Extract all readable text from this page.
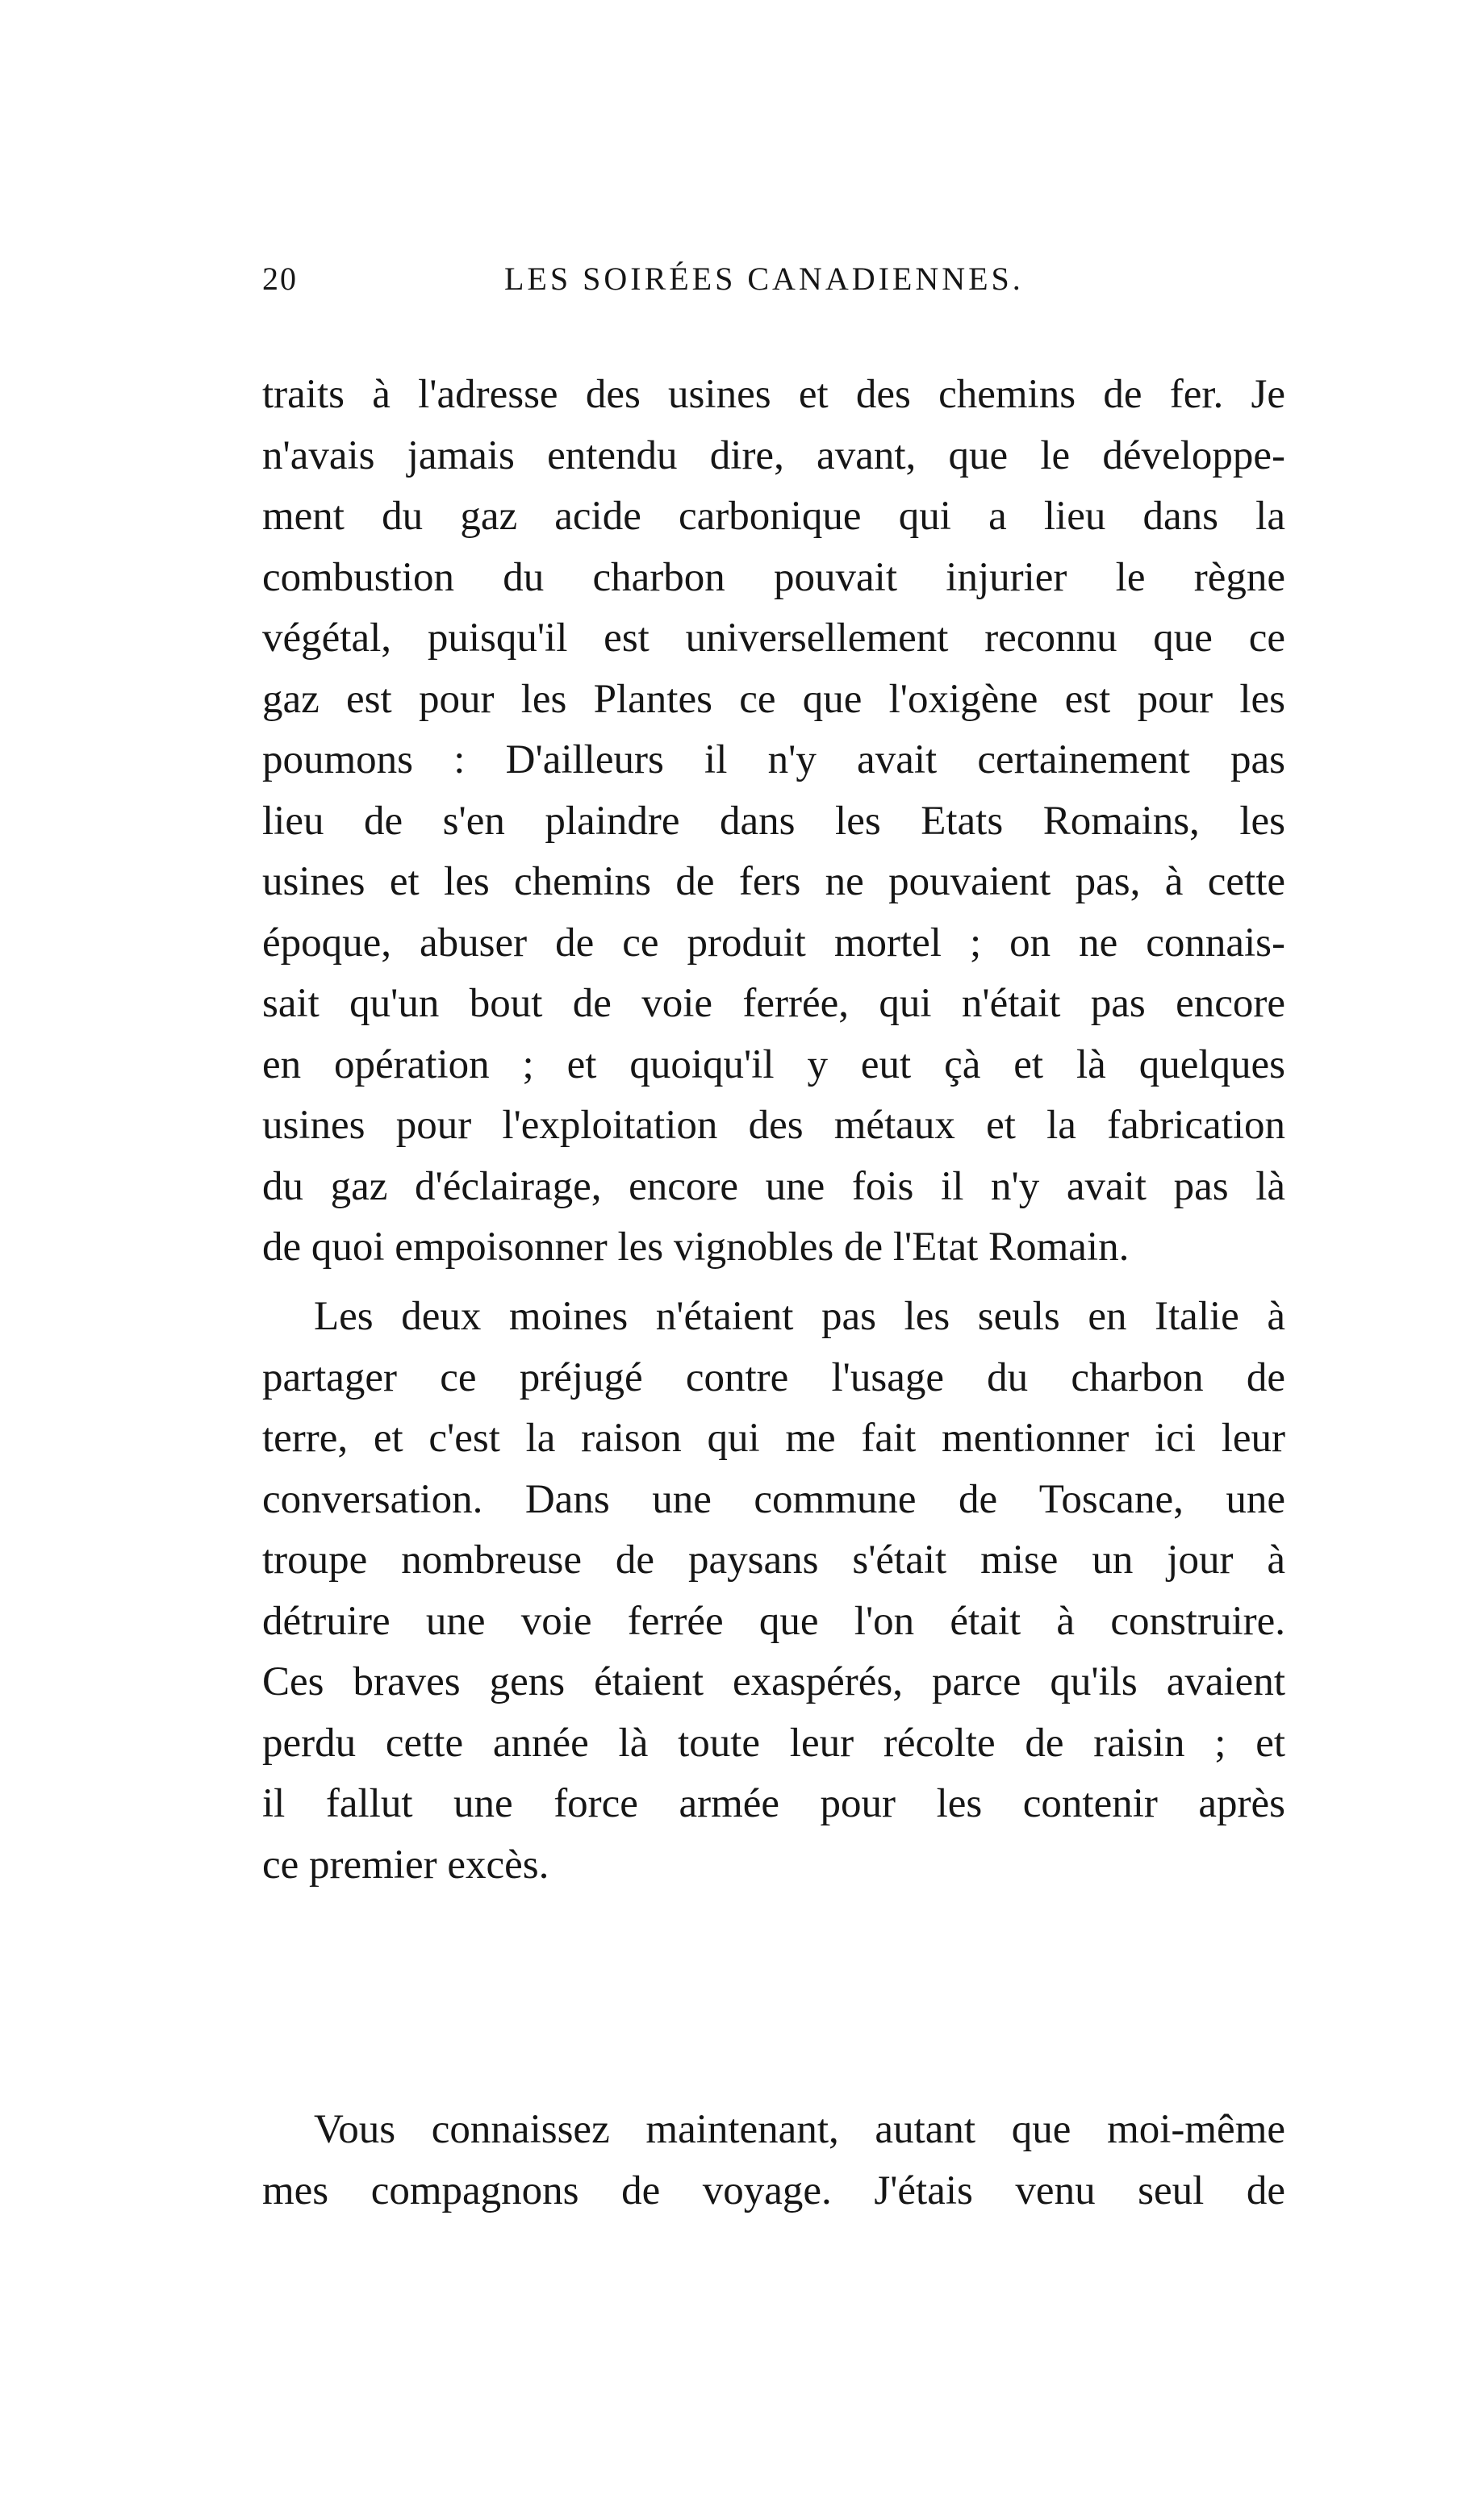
20	LES SOIRÉES CANADIENNES.
traits à l'adresse des usines et des chemins de fer. Je
n'avais jamais entendu dire, avant, que le développe-
ment du gaz acide carbonique qui a lieu dans la
combustion du charbon pouvait injurier le règne
végétal, puisqu'il est universellement reconnu que ce
gaz est pour les Plantes ce que l'oxigène est pour les
poumons : D'ailleurs il n'y avait certainement pas
lieu de s'en plaindre dans les Etats Romains, les
usines et les chemins de fers ne pouvaient pas, à cette
époque, abuser de ce produit mortel ; on ne connais-
sait qu'un bout de voie ferrée, qui n'était pas encore
en opération ; et quoiqu'il y eut çà et là quelques
usines pour l'exploitation des métaux et la fabrication
du gaz d'éclairage, encore une fois il n'y avait pas là
de quoi empoisonner les vignobles de l'Etat Romain.
Les deux moines n'étaient pas les seuls en Italie à
partager ce préjugé contre l'usage du charbon de
terre, et c'est la raison qui me fait mentionner ici leur
conversation. Dans une commune de Toscane, une
troupe nombreuse de paysans s'était mise un jour à
détruire une voie ferrée que l'on était à construire.
Ces braves gens étaient exaspérés, parce qu'ils avaient
perdu cette année là toute leur récolte de raisin ; et
il fallut une force armée pour les contenir après
ce premier excès.
Vous connaissez maintenant, autant que moi-même
mes compagnons de voyage. J'étais venu seul de
